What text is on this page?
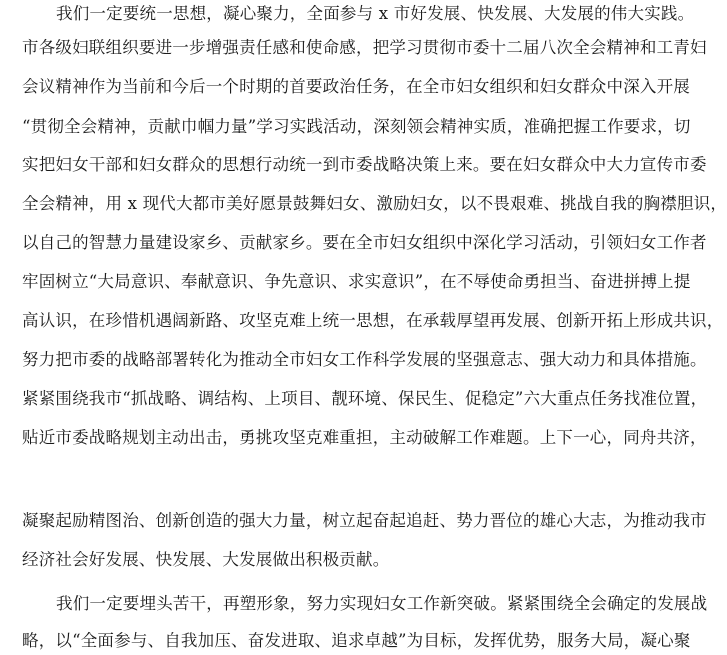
我们一定要统一思想，凝心聚力，全面参与 x 市好发展、快发展、大发展的伟大实践。
市各级妇联组织要进一步增强责任感和使命感，把学习贯彻市委十二届八次全会精神和工青妇
会议精神作为当前和今后一个时期的首要政治任务，在全市妇女组织和妇女群众中深入开展
“贯彻全会精神，贡献巾帼力量”学习实践活动，深刻领会精神实质，准确把握工作要求，切
实把妇女干部和妇女群众的思想行动统一到市委战略决策上来。要在妇女群众中大力宣传市委
全会精神，用 x 现代大都市美好愿景鼓舞妇女、激励妇女，以不畏艰难、挑战自我的胸襟胆识，
以自己的智慧力量建设家乡、贡献家乡。要在全市妇女组织中深化学习活动，引领妇女工作者
牢固树立“大局意识、奉献意识、争先意识、求实意识”，在不辱使命勇担当、奋进拼搏上提
高认识，在珍惜机遇阔新路、攻坚克难上统一思想，在承载厚望再发展、创新开拓上形成共识，
努力把市委的战略部署转化为推动全市妇女工作科学发展的坚强意志、强大动力和具体措施。
紧紧围绕我市“抓战略、调结构、上项目、靓环境、保民生、促稳定”六大重点任务找准位置，
贴近市委战略规划主动出击，勇挑攻坚克难重担，主动破解工作难题。上下一心，同舟共济，
凝聚起励精图治、创新创造的强大力量，树立起奋起追赶、势力晋位的雄心大志，为推动我市
经济社会好发展、快发展、大发展做出积极贡献。
我们一定要埋头苦干，再塑形象，努力实现妇女工作新突破。紧紧围绕全会确定的发展战
略，以“全面参与、自我加压、奋发进取、追求卓越”为目标，发挥优势，服务大局，凝心聚
